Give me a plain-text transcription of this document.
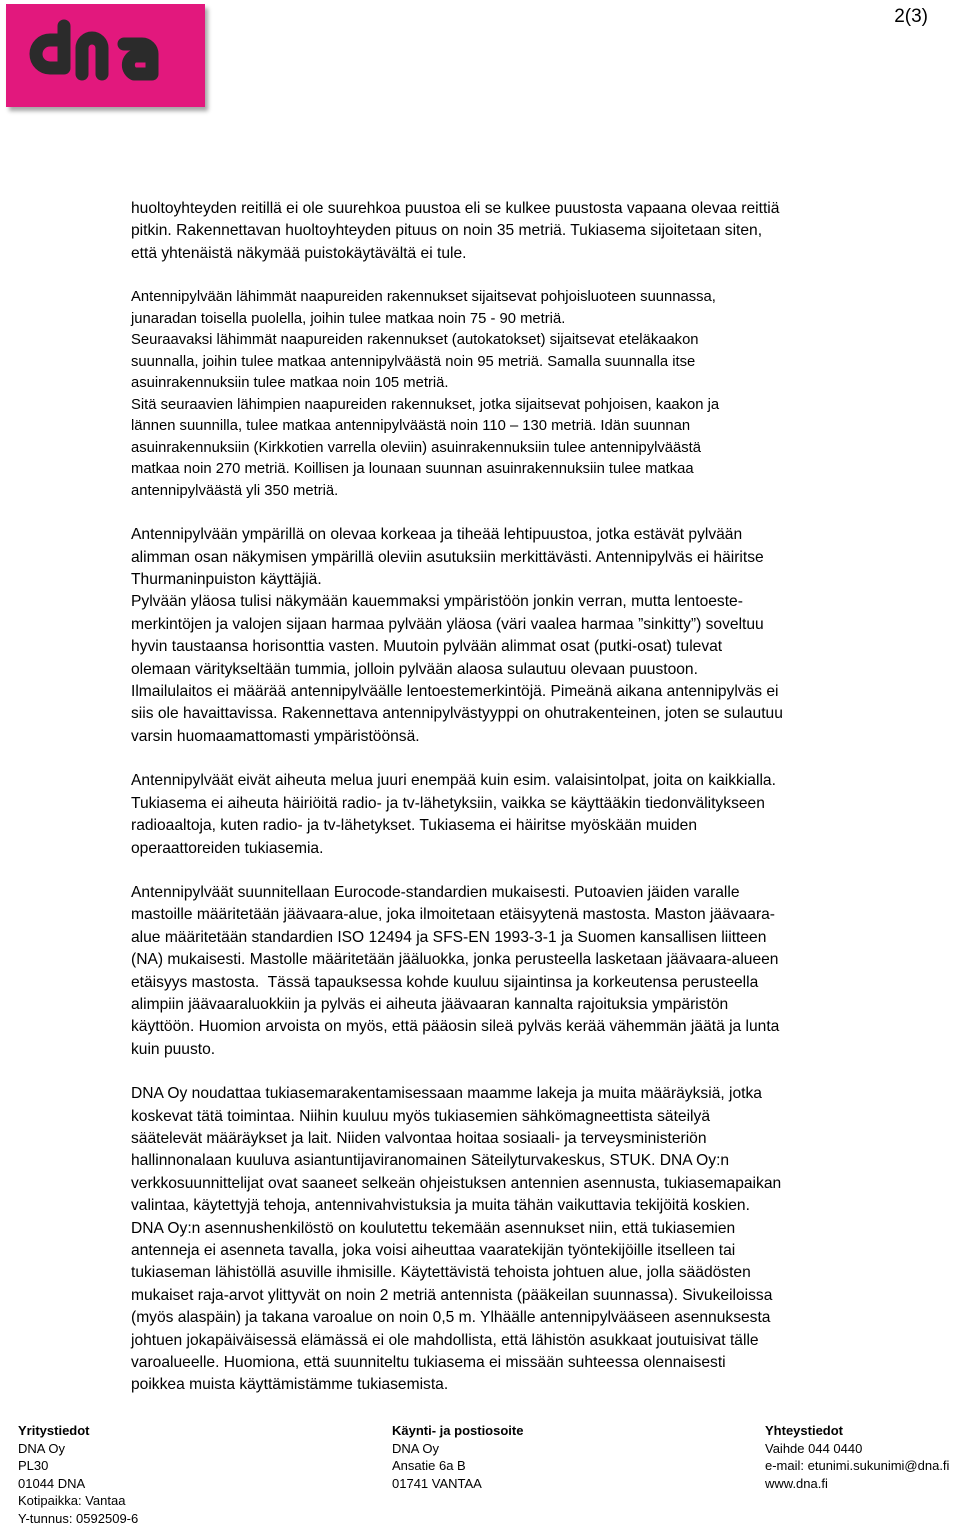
2(3)

huoltoyhteyden reitillä ei ole suurehkoa puustoa eli se kulkee puustosta vapaana olevaa reittiä
pitkin. Rakennettavan huoltoyhteyden pituus on noin 35 metriä. Tukiasema sijoitetaan siten,
että yhtenäistä näkymää puistokäytävältä ei tule.

Antennipylvään lähimmät naapureiden rakennukset sijaitsevat pohjoisluoteen suunnassa,
junaradan toisella puolella, joihin tulee matkaa noin 75 - 90 metriä.
Seuraavaksi lähimmät naapureiden rakennukset (autokatokset) sijaitsevat eteläkaakon
suunnalla, joihin tulee matkaa antennipylväästä noin 95 metriä. Samalla suunnalla itse
asuinrakennuksiin tulee matkaa noin 105 metriä.
Sitä seuraavien lähimpien naapureiden rakennukset, jotka sijaitsevat pohjoisen, kaakon ja
lännen suunnilla, tulee matkaa antennipylväästä noin 110 – 130 metriä. Idän suunnan
asuinrakennuksiin (Kirkkotien varrella oleviin) asuinrakennuksiin tulee antennipylväästä
matkaa noin 270 metriä. Koillisen ja lounaan suunnan asuinrakennuksiin tulee matkaa
antennipylväästä yli 350 metriä.

Antennipylvään ympärillä on olevaa korkeaa ja tiheää lehtipuustoa, jotka estävät pylvään
alimman osan näkymisen ympärillä oleviin asutuksiin merkittävästi. Antennipylväs ei häiritse
Thurmaninpuiston käyttäjiä.
Pylvään yläosa tulisi näkymään kauemmaksi ympäristöön jonkin verran, mutta lentoeste-
merkintöjen ja valojen sijaan harmaa pylvään yläosa (väri vaalea harmaa ”sinkitty”) soveltuu
hyvin taustaansa horisonttia vasten. Muutoin pylvään alimmat osat (putki-osat) tulevat
olemaan väritykseltään tummia, jolloin pylvään alaosa sulautuu olevaan puustoon.
Ilmailulaitos ei määrää antennipylväälle lentoestemerkintöjä. Pimeänä aikana antennipylväs ei
siis ole havaittavissa. Rakennettava antennipylvästyyppi on ohutrakenteinen, joten se sulautuu
varsin huomaamattomasti ympäristöönsä.

Antennipylväät eivät aiheuta melua juuri enempää kuin esim. valaisintolpat, joita on kaikkialla.
Tukiasema ei aiheuta häiriöitä radio- ja tv-lähetyksiin, vaikka se käyttääkin tiedonvälitykseen
radioaaltoja, kuten radio- ja tv-lähetykset. Tukiasema ei häiritse myöskään muiden
operaattoreiden tukiasemia.

Antennipylväät suunnitellaan Eurocode-standardien mukaisesti. Putoavien jäiden varalle
mastoille määritetään jäävaara-alue, joka ilmoitetaan etäisyytenä mastosta. Maston jäävaara-
alue määritetään standardien ISO 12494 ja SFS-EN 1993-3-1 ja Suomen kansallisen liitteen
(NA) mukaisesti. Mastolle määritetään jääluokka, jonka perusteella lasketaan jäävaara-alueen
etäisyys mastosta.  Tässä tapauksessa kohde kuuluu sijaintinsa ja korkeutensa perusteella
alimpiin jäävaaraluokkiin ja pylväs ei aiheuta jäävaaran kannalta rajoituksia ympäristön
käyttöön. Huomion arvoista on myös, että pääosin sileä pylväs kerää vähemmän jäätä ja lunta
kuin puusto.

DNA Oy noudattaa tukiasemarakentamisessaan maamme lakeja ja muita määräyksiä, jotka
koskevat tätä toimintaa. Niihin kuuluu myös tukiasemien sähkömagneettista säteilyä
säätelevät määräykset ja lait. Niiden valvontaa hoitaa sosiaali- ja terveysministeriön
hallinnonalaan kuuluva asiantuntijaviranomainen Säteilyturvakeskus, STUK. DNA Oy:n
verkkosuunnittelijat ovat saaneet selkeän ohjeistuksen antennien asennusta, tukiasemapaikan
valintaa, käytettyjä tehoja, antennivahvistuksia ja muita tähän vaikuttavia tekijöitä koskien.
DNA Oy:n asennushenkilöstö on koulutettu tekemään asennukset niin, että tukiasemien
antenneja ei asenneta tavalla, joka voisi aiheuttaa vaaratekijän työntekijöille itselleen tai
tukiaseman lähistöllä asuville ihmisille. Käytettävistä tehoista johtuen alue, jolla säädösten
mukaiset raja-arvot ylittyvät on noin 2 metriä antennista (pääkeilan suunnassa). Sivukeiloissa
(myös alaspäin) ja takana varoalue on noin 0,5 m. Ylhäälle antennipylvääseen asennuksesta
johtuen jokapäiväisessä elämässä ei ole mahdollista, että lähistön asukkaat joutuisivat tälle
varoalueelle. Huomiona, että suunniteltu tukiasema ei missään suhteessa olennaisesti
poikkea muista käyttämistämme tukiasemista.

Yritystiedot
DNA Oy
PL30
01044 DNA
Kotipaikka: Vantaa
Y-tunnus: 0592509-6
Käynti- ja postiosoite
DNA Oy
Ansatie 6a B
01741 VANTAA
Yhteystiedot
Vaihde 044 0440
e-mail: etunimi.sukunimi@dna.fi
www.dna.fi
